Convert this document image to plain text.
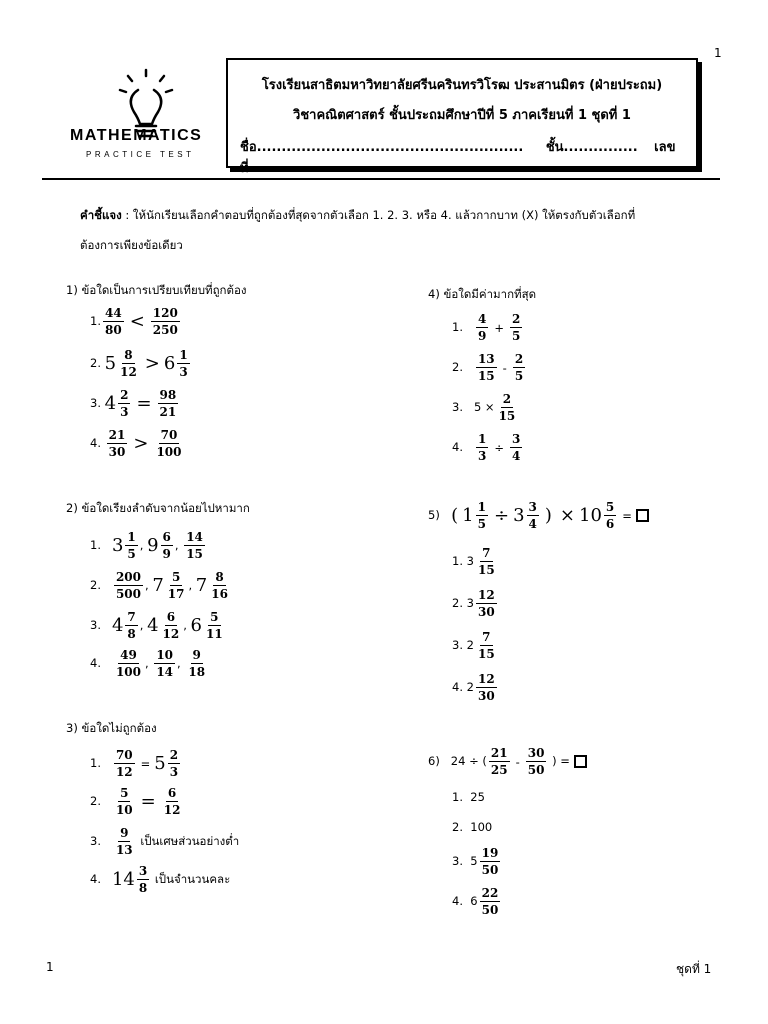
1
MATHEMATICS
PRACTICE TEST
โรงเรียนสาธิตมหาวิทยาลัยศรีนครินทรวิโรฒ ประสานมิตร (ฝ่ายประถม)
วิชาคณิตศาสตร์ ชั้นประถมศึกษาปีที่ 5 ภาคเรียนที่ 1 ชุดที่ 1
ชื่อ...................................................... ชั้น............... เลขที่....................
คำชี้แจง : ให้นักเรียนเลือกคำตอบที่ถูกต้องที่สุดจากตัวเลือก 1. 2. 3. หรือ 4. แล้วกากบาท (X) ให้ตรงกับตัวเลือกที่
ต้องการเพียงข้อเดียว
1) ข้อใดเป็นการเปรียบเทียบที่ถูกต้อง
1. $\frac{44}{80} < \frac{120}{250}$
2. $5 \frac{8}{12} > 6 \frac{1}{3}$
3. $4 \frac{2}{3} = \frac{98}{21}$
4. $\frac{21}{30} > \frac{70}{100}$
2) ข้อใดเรียงลำดับจากน้อยไปหามาก
1. $3 \frac{1}{5}$ , $9 \frac{6}{9}$ , $\frac{14}{15}$
2. $\frac{200}{500}$ , $7 \frac{5}{17}$ , $7 \frac{8}{16}$
3. $4 \frac{7}{8}$ , $4 \frac{6}{12}$ , $6 \frac{5}{11}$
4. $\frac{49}{100}$ , $\frac{10}{14}$ , $\frac{9}{18}$
3) ข้อใดไม่ถูกต้อง
1. $\frac{70}{12} = 5 \frac{2}{3}$
2. $\frac{5}{10} = \frac{6}{12}$
3. $\frac{9}{13}$ เป็นเศษส่วนอย่างต่ำ
4. $14 \frac{3}{8}$ เป็นจำนวนคละ
4) ข้อใดมีค่ามากที่สุด
1. $\frac{4}{9} + \frac{2}{5}$
2. $\frac{13}{15} - \frac{2}{5}$
3. $5 \times \frac{2}{15}$
4. $\frac{1}{3} \div \frac{3}{4}$
5) ( $1 \frac{1}{5} \div 3 \frac{3}{4}$ ) × $10 \frac{5}{6}$ =
1. $3 \frac{7}{15}$
2. $3 \frac{12}{30}$
3. $2 \frac{7}{15}$
4. $2 \frac{12}{30}$
6) 24 ÷ ( $\frac{21}{25} - \frac{30}{50}$ ) =
1. 25
2. 100
3. $5 \frac{19}{50}$
4. $6 \frac{22}{50}$
1	ชุดที่ 1
